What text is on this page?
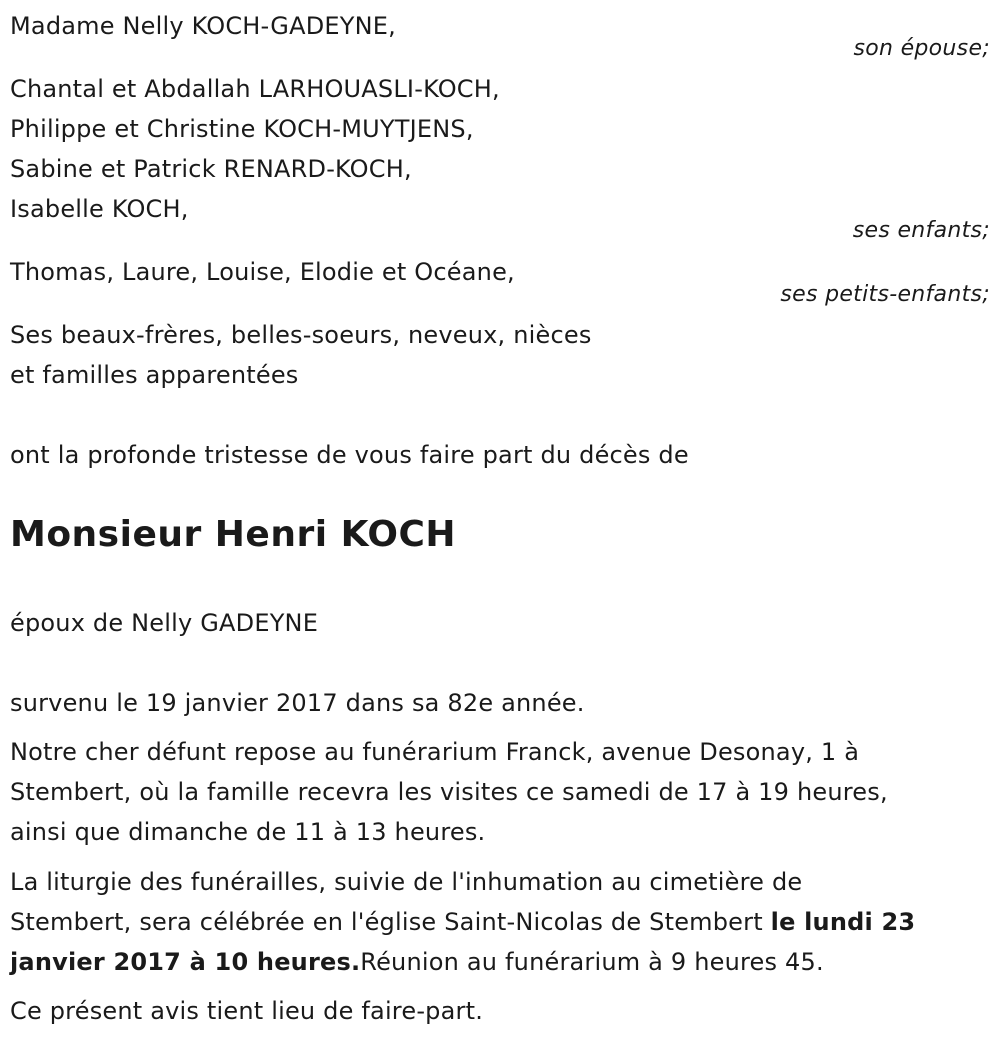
Madame Nelly KOCH-GADEYNE,
son épouse;
Chantal et Abdallah LARHOUASLI-KOCH,
Philippe et Christine KOCH-MUYTJENS,
Sabine et Patrick RENARD-KOCH,
Isabelle KOCH,
ses enfants;
Thomas, Laure, Louise, Elodie et Océane,
ses petits-enfants;
Ses beaux-frères, belles-soeurs, neveux, nièces
et familles apparentées
ont la profonde tristesse de vous faire part du décès de
Monsieur Henri KOCH
époux de Nelly GADEYNE
survenu le 19 janvier 2017 dans sa 82e année.
Notre cher défunt repose au funérarium Franck, avenue Desonay, 1 à
Stembert, où la famille recevra les visites ce samedi de 17 à 19 heures,
ainsi que dimanche de 11 à 13 heures.
La liturgie des funérailles, suivie de l'inhumation au cimetière de
Stembert, sera célébrée en l'église Saint-Nicolas de Stembert le lundi 23
janvier 2017 à 10 heures.Réunion au funérarium à 9 heures 45.
Ce présent avis tient lieu de faire-part.
